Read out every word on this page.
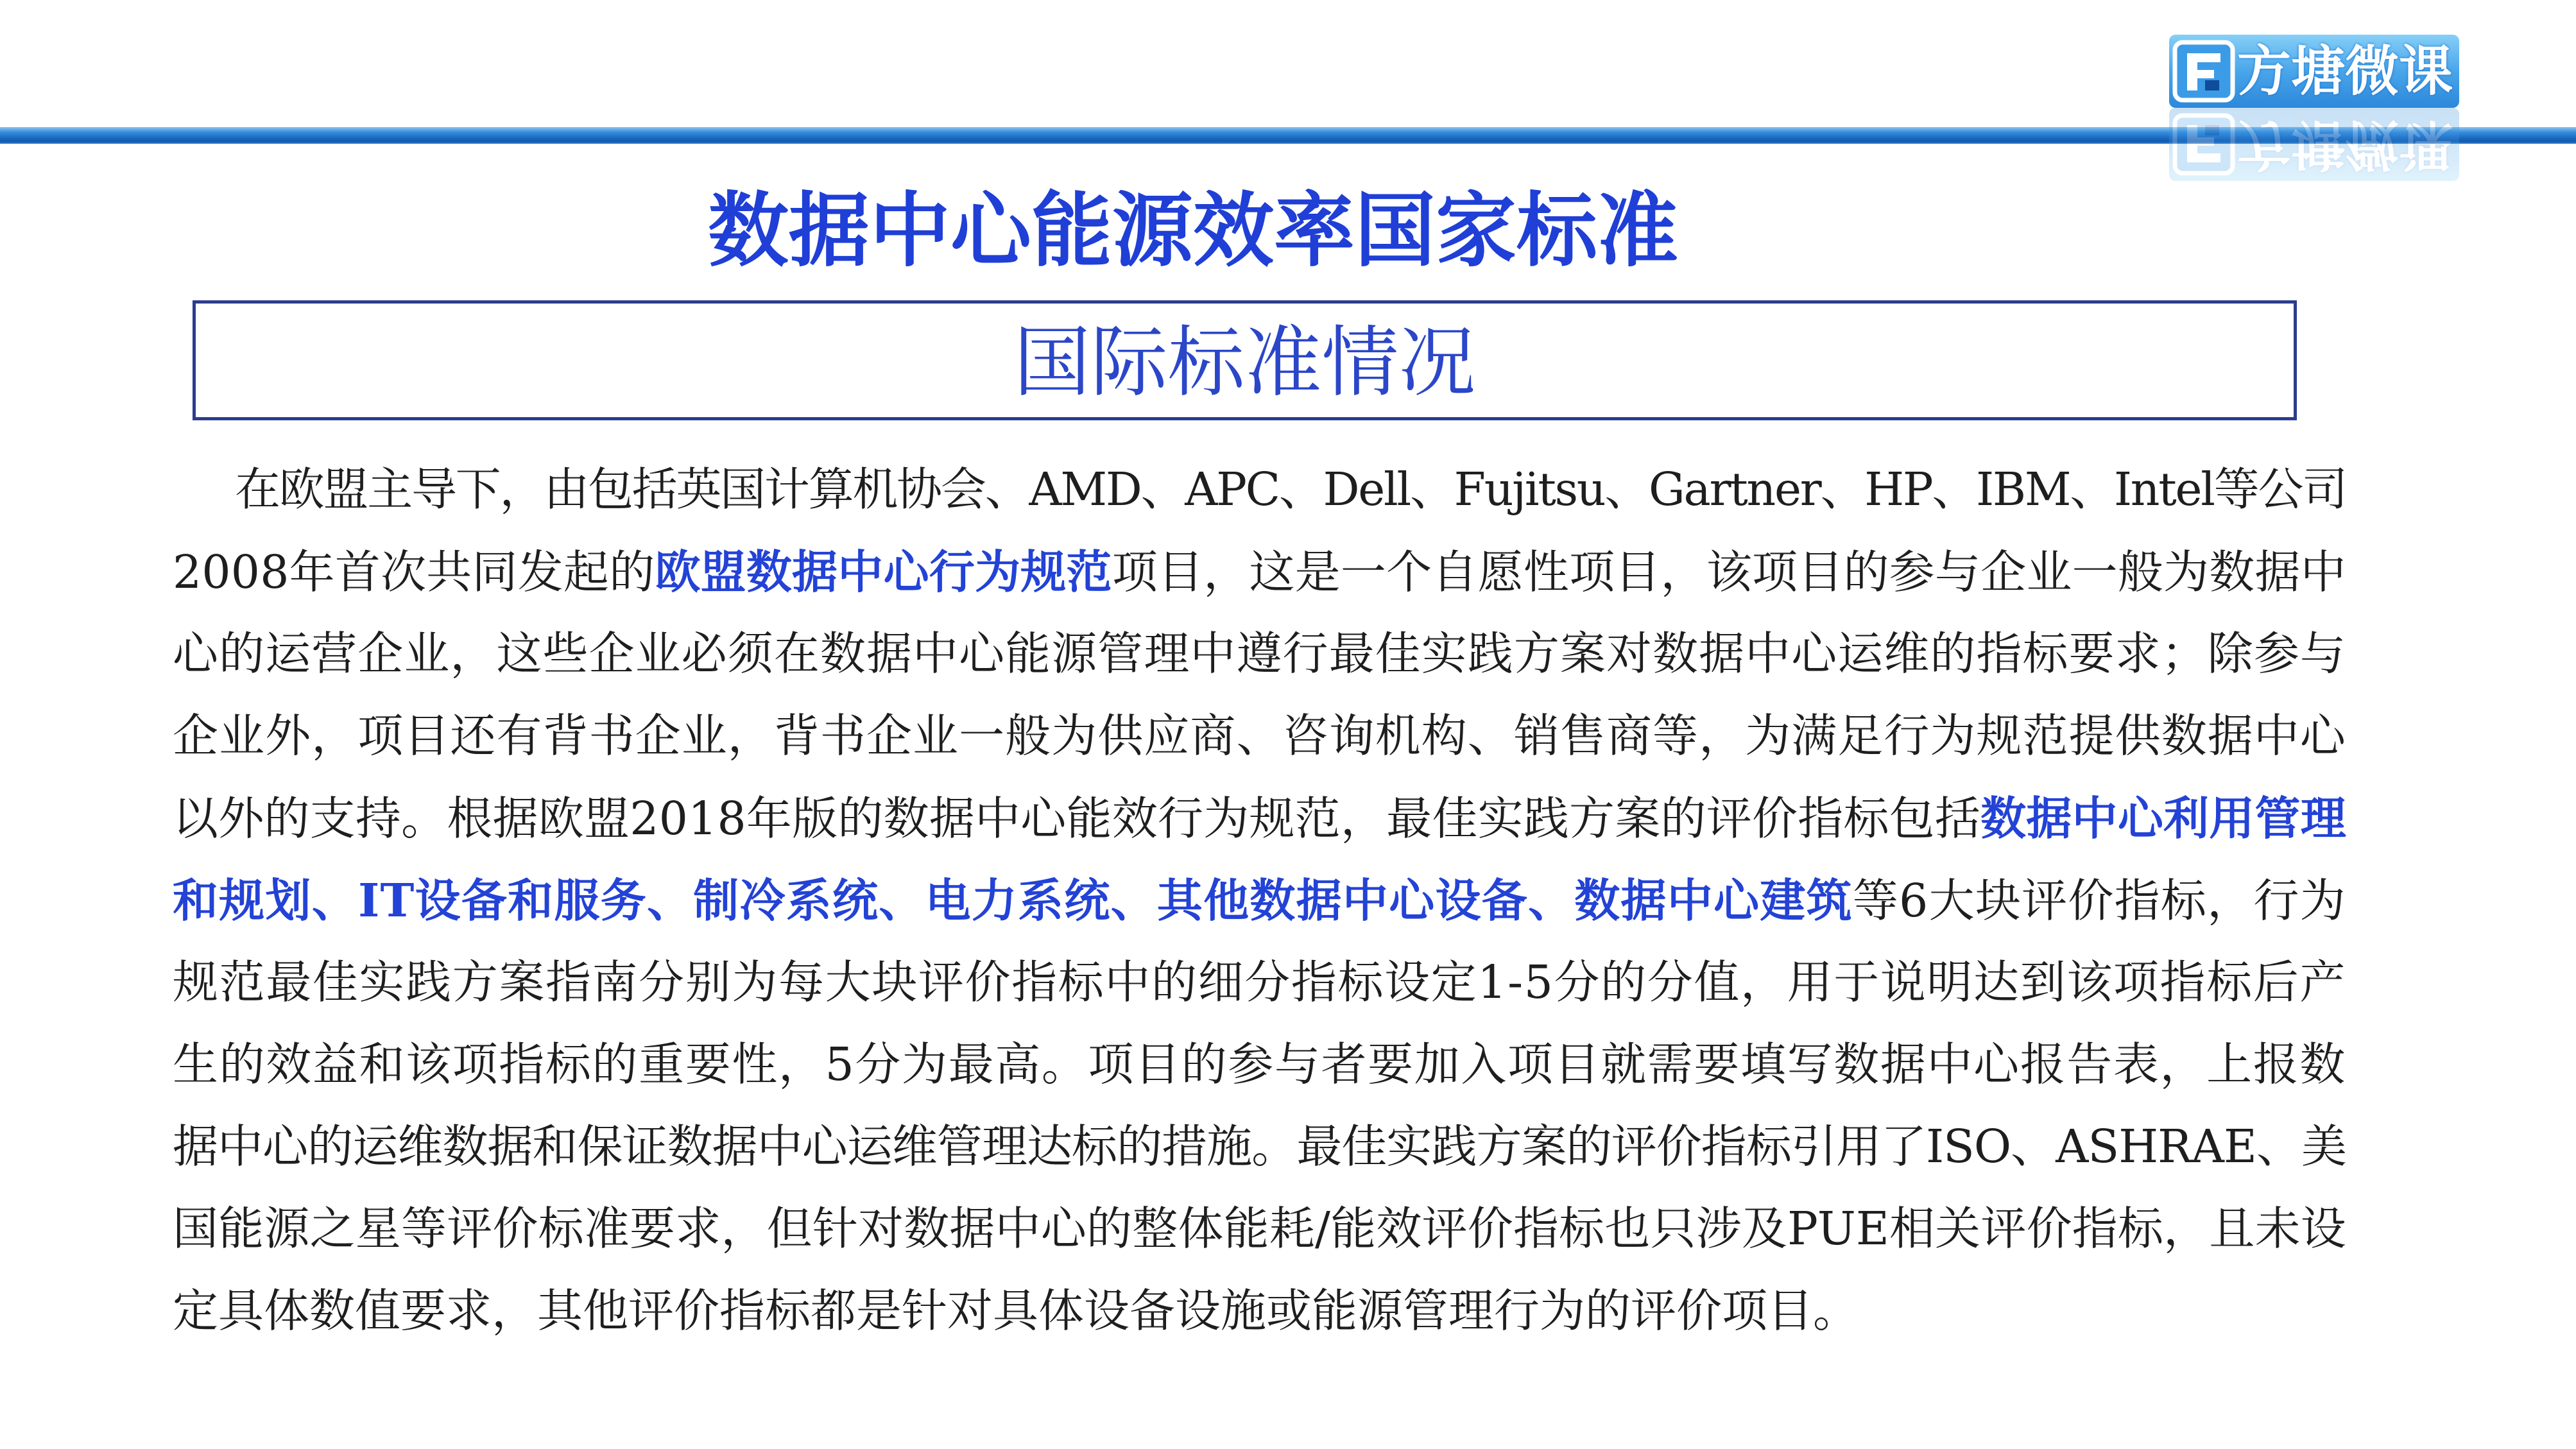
方塘微课
方塘微课
数据中心能源效率国家标准
国际标准情况
在欧盟主导下，由包括英国计算机协会、AMD、APC、Dell、Fujitsu、Gartner、HP、IBM、Intel等公司
2008年首次共同发起的欧盟数据中心行为规范项目，这是一个自愿性项目，该项目的参与企业一般为数据中
心的运营企业，这些企业必须在数据中心能源管理中遵行最佳实践方案对数据中心运维的指标要求；除参与
企业外，项目还有背书企业，背书企业一般为供应商、咨询机构、销售商等，为满足行为规范提供数据中心
以外的支持。根据欧盟2018年版的数据中心能效行为规范，最佳实践方案的评价指标包括数据中心利用管理
和规划、IT设备和服务、制冷系统、电力系统、其他数据中心设备、数据中心建筑等6大块评价指标，行为
规范最佳实践方案指南分别为每大块评价指标中的细分指标设定1-5分的分值，用于说明达到该项指标后产
生的效益和该项指标的重要性，5分为最高。项目的参与者要加入项目就需要填写数据中心报告表，上报数
据中心的运维数据和保证数据中心运维管理达标的措施。最佳实践方案的评价指标引用了ISO、ASHRAE、美
国能源之星等评价标准要求，但针对数据中心的整体能耗/能效评价指标也只涉及PUE相关评价指标，且未设
定具体数值要求，其他评价指标都是针对具体设备设施或能源管理行为的评价项目。
